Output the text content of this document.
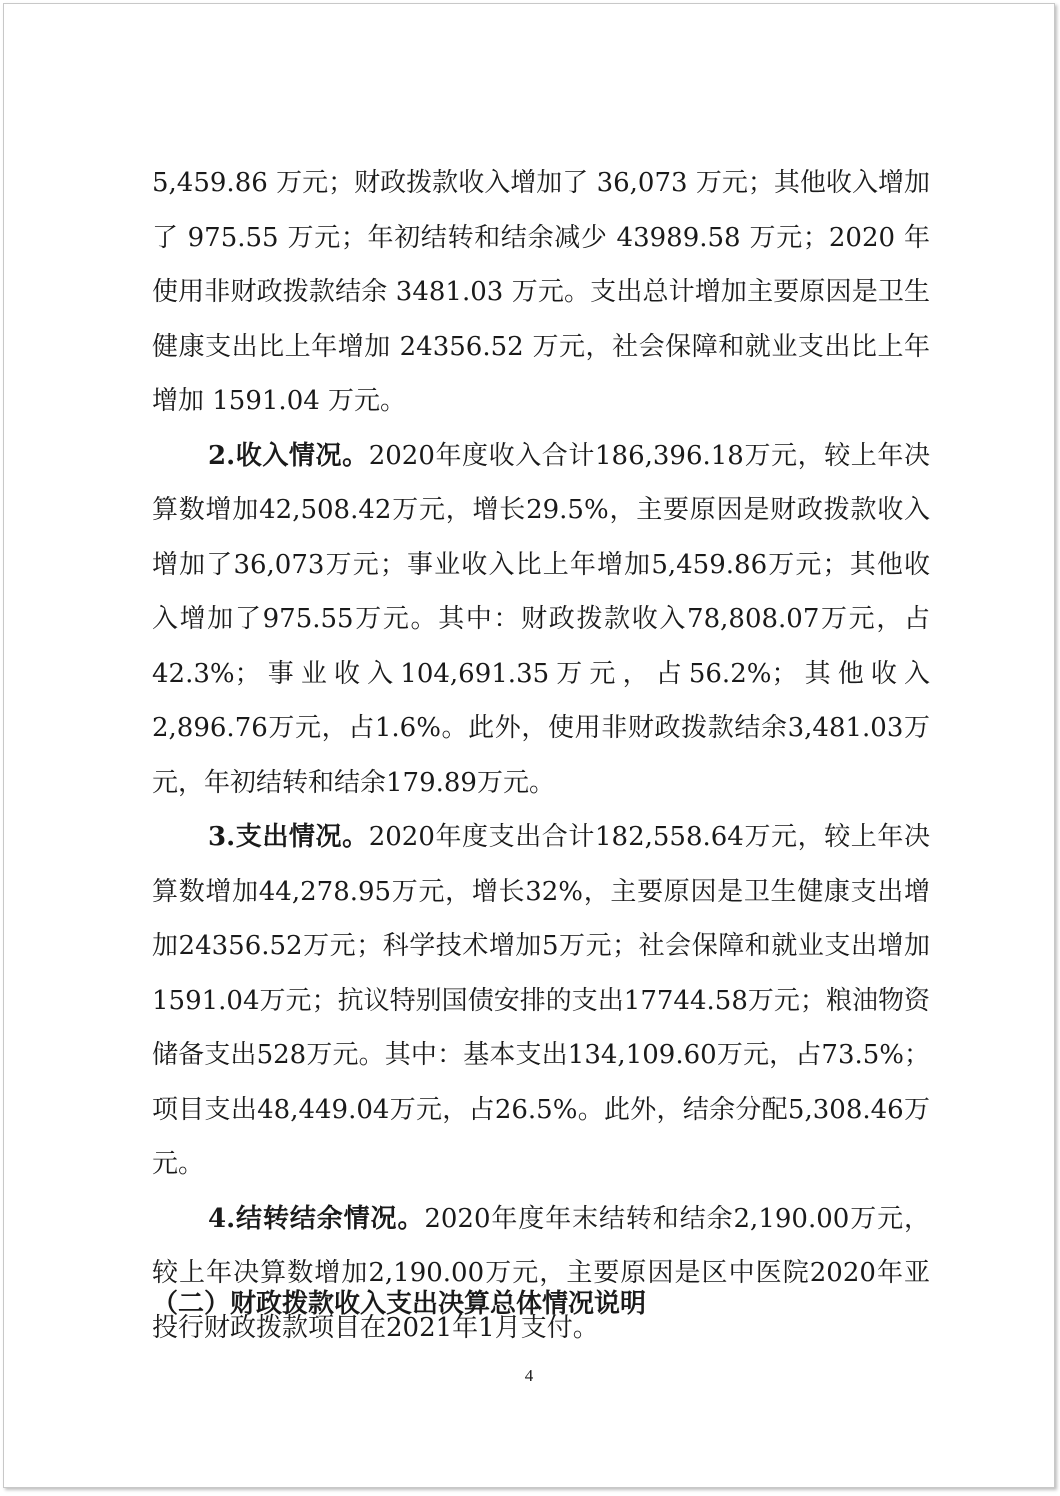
5,459.86 万元；财政拨款收入增加了 36,073 万元；其他收入增加了 975.55 万元；年初结转和结余减少 43989.58 万元；2020 年使用非财政拨款结余 3481.03 万元。支出总计增加主要原因是卫生健康支出比上年增加 24356.52 万元，社会保障和就业支出比上年增加 1591.04 万元。

2.收入情况。2020年度收入合计186,396.18万元，较上年决算数增加42,508.42万元，增长29.5%，主要原因是财政拨款收入增加了36,073万元；事业收入比上年增加5,459.86万元；其他收入增加了975.55万元。其中：财政拨款收入78,808.07万元，占42.3%；事业收入104,691.35万元，占56.2%；其他收入2,896.76万元，占1.6%。此外，使用非财政拨款结余3,481.03万元，年初结转和结余179.89万元。

3.支出情况。2020年度支出合计182,558.64万元，较上年决算数增加44,278.95万元，增长32%，主要原因是卫生健康支出增加24356.52万元；科学技术增加5万元；社会保障和就业支出增加1591.04万元；抗议特别国债安排的支出17744.58万元；粮油物资储备支出528万元。其中：基本支出134,109.60万元，占73.5%；项目支出48,449.04万元，占26.5%。此外，结余分配5,308.46万元。

4.结转结余情况。2020年度年末结转和结余2,190.00万元，较上年决算数增加2,190.00万元，主要原因是区中医院2020年亚投行财政拨款项目在2021年1月支付。

（二）财政拨款收入支出决算总体情况说明
4
